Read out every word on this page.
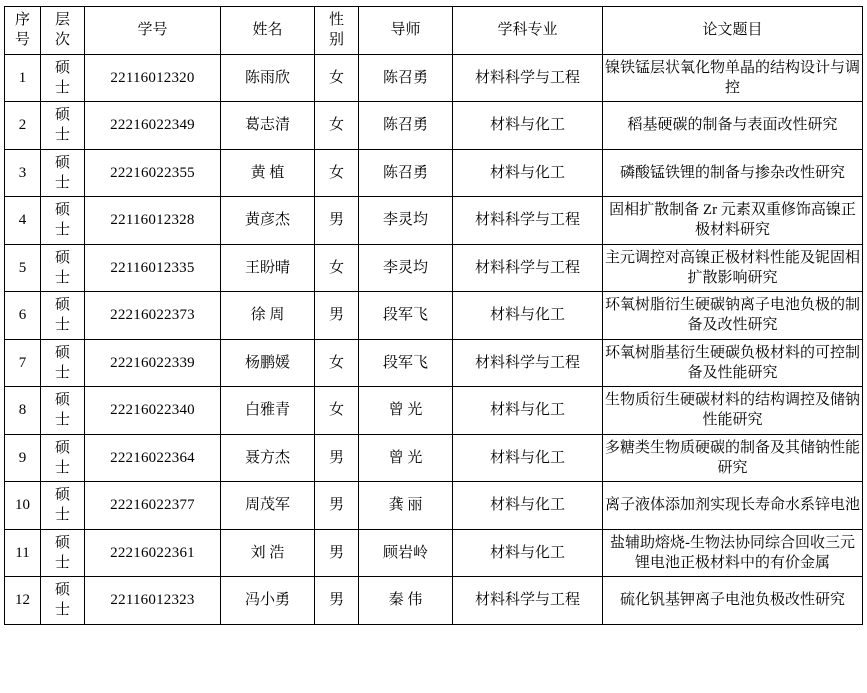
序
号	层
次	学号	姓名	性
别	导师	学科专业	论文题目
1	硕
士	22116012320	陈雨欣	女	陈召勇	材料科学与工程	镍铁锰层状氧化物单晶的结构设计与调控
2	硕
士	22216022349	葛志清	女	陈召勇	材料与化工	稻基硬碳的制备与表面改性研究
3	硕
士	22216022355	黄 植	女	陈召勇	材料与化工	磷酸锰铁锂的制备与掺杂改性研究
4	硕
士	22116012328	黄彦杰	男	李灵均	材料科学与工程	固相扩散制备 Zr 元素双重修饰高镍正极材料研究
5	硕
士	22116012335	王盼晴	女	李灵均	材料科学与工程	主元调控对高镍正极材料性能及铌固相扩散影响研究
6	硕
士	22216022373	徐 周	男	段军飞	材料与化工	环氧树脂衍生硬碳钠离子电池负极的制备及改性研究
7	硕
士	22216022339	杨鹏媛	女	段军飞	材料科学与工程	环氧树脂基衍生硬碳负极材料的可控制备及性能研究
8	硕
士	22216022340	白雅青	女	曾 光	材料与化工	生物质衍生硬碳材料的结构调控及储钠性能研究
9	硕
士	22216022364	聂方杰	男	曾 光	材料与化工	多糖类生物质硬碳的制备及其储钠性能研究
10	硕
士	22216022377	周茂军	男	龚 丽	材料与化工	离子液体添加剂实现长寿命水系锌电池
11	硕
士	22216022361	刘 浩	男	顾岩岭	材料与化工	盐辅助熔烧-生物法协同综合回收三元锂电池正极材料中的有价金属
12	硕
士	22116012323	冯小勇	男	秦 伟	材料科学与工程	硫化钒基钾离子电池负极改性研究
